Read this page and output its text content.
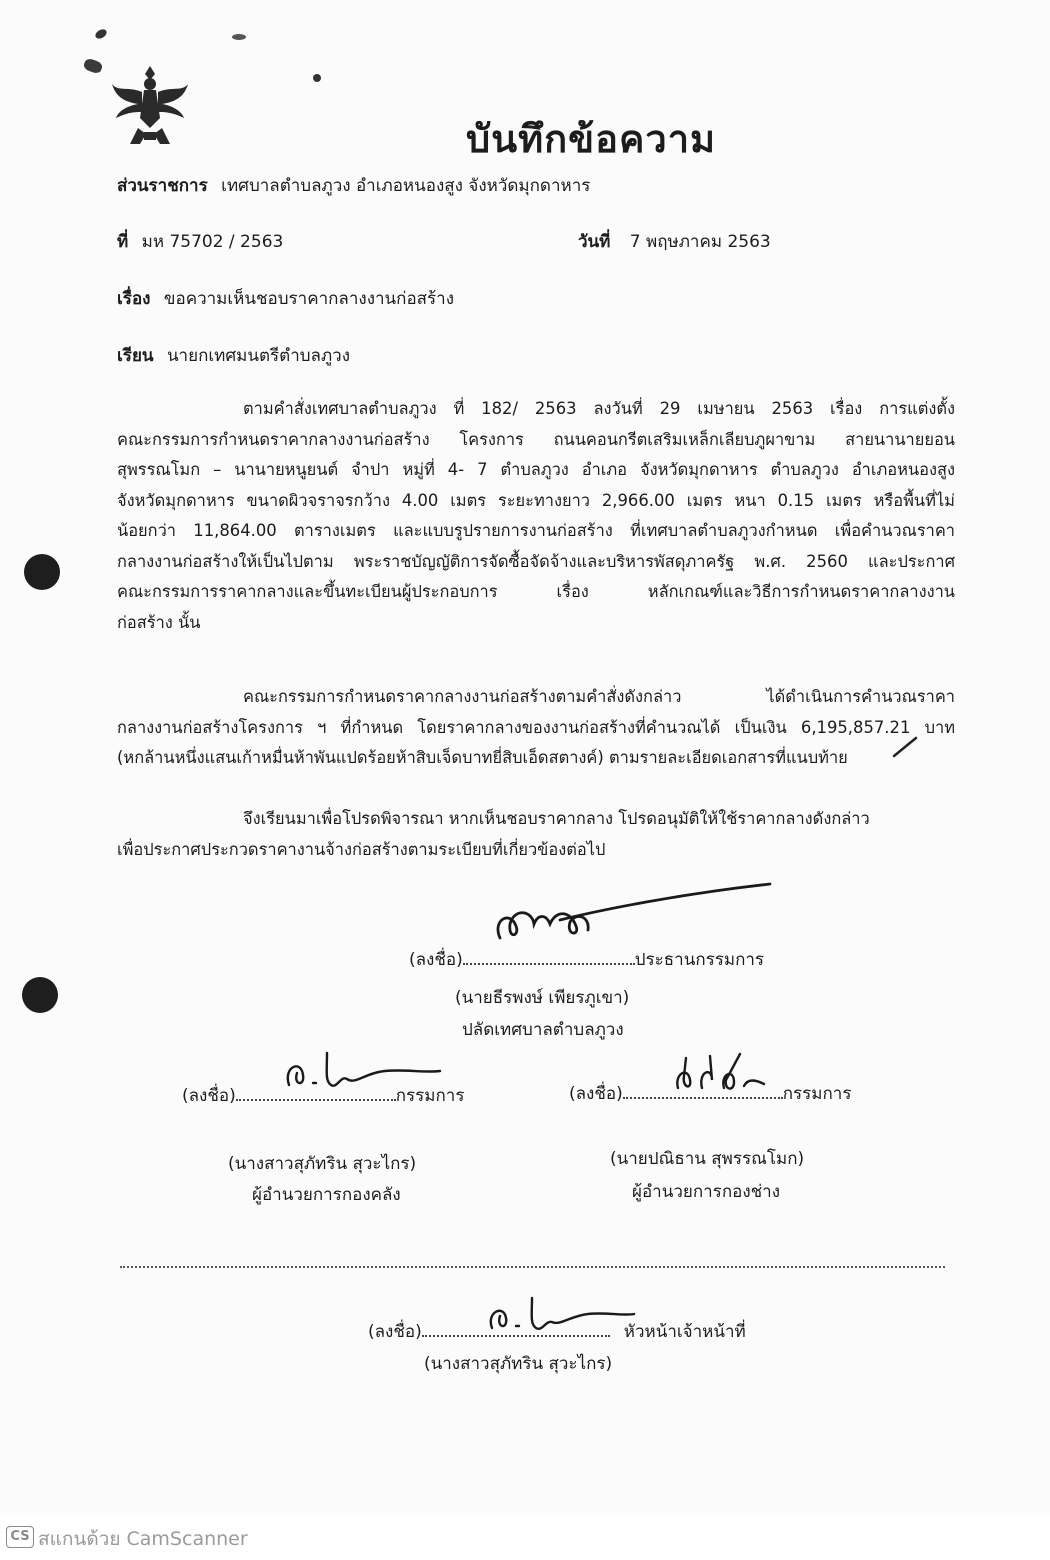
บันทึกข้อความ
ส่วนราชการ เทศบาลตำบลภูวง อำเภอหนองสูง จังหวัดมุกดาหาร
ที่ มห 75702 / 2563	วันที่ 7 พฤษภาคม 2563
เรื่อง ขอความเห็นชอบราคากลางงานก่อสร้าง
เรียน นายกเทศมนตรีตำบลภูวง
ตามคำสั่งเทศบาลตำบลภูวง ที่ 182/ 2563 ลงวันที่ 29 เมษายน 2563 เรื่อง การแต่งตั้ง
คณะกรรมการกำหนดราคากลางงานก่อสร้าง โครงการ ถนนคอนกรีตเสริมเหล็กเลียบภูผาขาม สายนานายยอน
สุพรรณโมก – นานายหนูยนต์ จำปา หมู่ที่ 4- 7 ตำบลภูวง อำเภอ จังหวัดมุกดาหาร ตำบลภูวง อำเภอหนองสูง
จังหวัดมุกดาหาร ขนาดผิวจราจรกว้าง 4.00 เมตร ระยะทางยาว 2,966.00 เมตร หนา 0.15 เมตร หรือพื้นที่ไม่
น้อยกว่า 11,864.00 ตารางเมตร และแบบรูปรายการงานก่อสร้าง ที่เทศบาลตำบลภูวงกำหนด เพื่อคำนวณราคา
กลางงานก่อสร้างให้เป็นไปตาม พระราชบัญญัติการจัดซื้อจัดจ้างและบริหารพัสดุภาครัฐ พ.ศ. 2560 และประกาศ
คณะกรรมการราคากลางและขึ้นทะเบียนผู้ประกอบการ เรื่อง หลักเกณฑ์และวิธีการกำหนดราคากลางงาน
ก่อสร้าง นั้น
คณะกรรมการกำหนดราคากลางงานก่อสร้างตามคำสั่งดังกล่าว ได้ดำเนินการคำนวณราคา
กลางงานก่อสร้างโครงการ ฯ ที่กำหนด โดยราคากลางของงานก่อสร้างที่คำนวณได้ เป็นเงิน 6,195,857.21 บาท
(หกล้านหนึ่งแสนเก้าหมื่นห้าพันแปดร้อยห้าสิบเจ็ดบาทยี่สิบเอ็ดสตางค์) ตามรายละเอียดเอกสารที่แนบท้าย
จึงเรียนมาเพื่อโปรดพิจารณา หากเห็นชอบราคากลาง โปรดอนุมัติให้ใช้ราคากลางดังกล่าว
เพื่อประกาศประกวดราคางานจ้างก่อสร้างตามระเบียบที่เกี่ยวข้องต่อไป
(ลงชื่อ)	ประธานกรรมการ
(นายธีรพงษ์ เพียรภูเขา)
ปลัดเทศบาลตำบลภูวง
(ลงชื่อ)	กรรมการ
(นางสาวสุภัทริน สุวะไกร)
ผู้อำนวยการกองคลัง
(ลงชื่อ)	กรรมการ
(นายปณิธาน สุพรรณโมก)
ผู้อำนวยการกองช่าง
(ลงชื่อ)	หัวหน้าเจ้าหน้าที่
(นางสาวสุภัทริน สุวะไกร)
CS สแกนด้วย CamScanner
